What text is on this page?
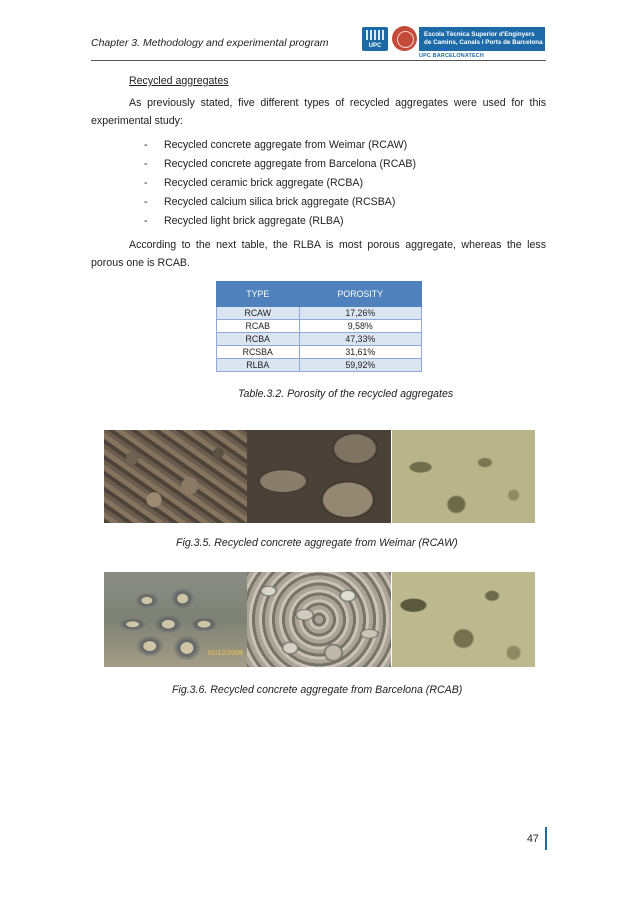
Chapter 3. Methodology and experimental program	UPC
Escola Tècnica Superior d'Enginyers
de Camins, Canals i Ports de Barcelona
UPC BARCELONATECH
Recycled aggregates
As previously stated, five different types of recycled aggregates were used for this experimental study:
- Recycled concrete aggregate from Weimar (RCAW)
- Recycled concrete aggregate from Barcelona (RCAB)
- Recycled ceramic brick aggregate (RCBA)
- Recycled calcium silica brick aggregate (RCSBA)
- Recycled light brick aggregate (RLBA)
According to the next table, the RLBA is most porous aggregate, whereas the less porous one is RCAB.
TYPE	POROSITY
RCAW	17,26%
RCAB	9,58%
RCBA	47,33%
RCSBA	31,61%
RLBA	59,92%
Table.3.2. Porosity of the recycled aggregates
Fig.3.5. Recycled concrete aggregate from Weimar (RCAW)
02/12/2008
Fig.3.6. Recycled concrete aggregate from Barcelona (RCAB)
47
